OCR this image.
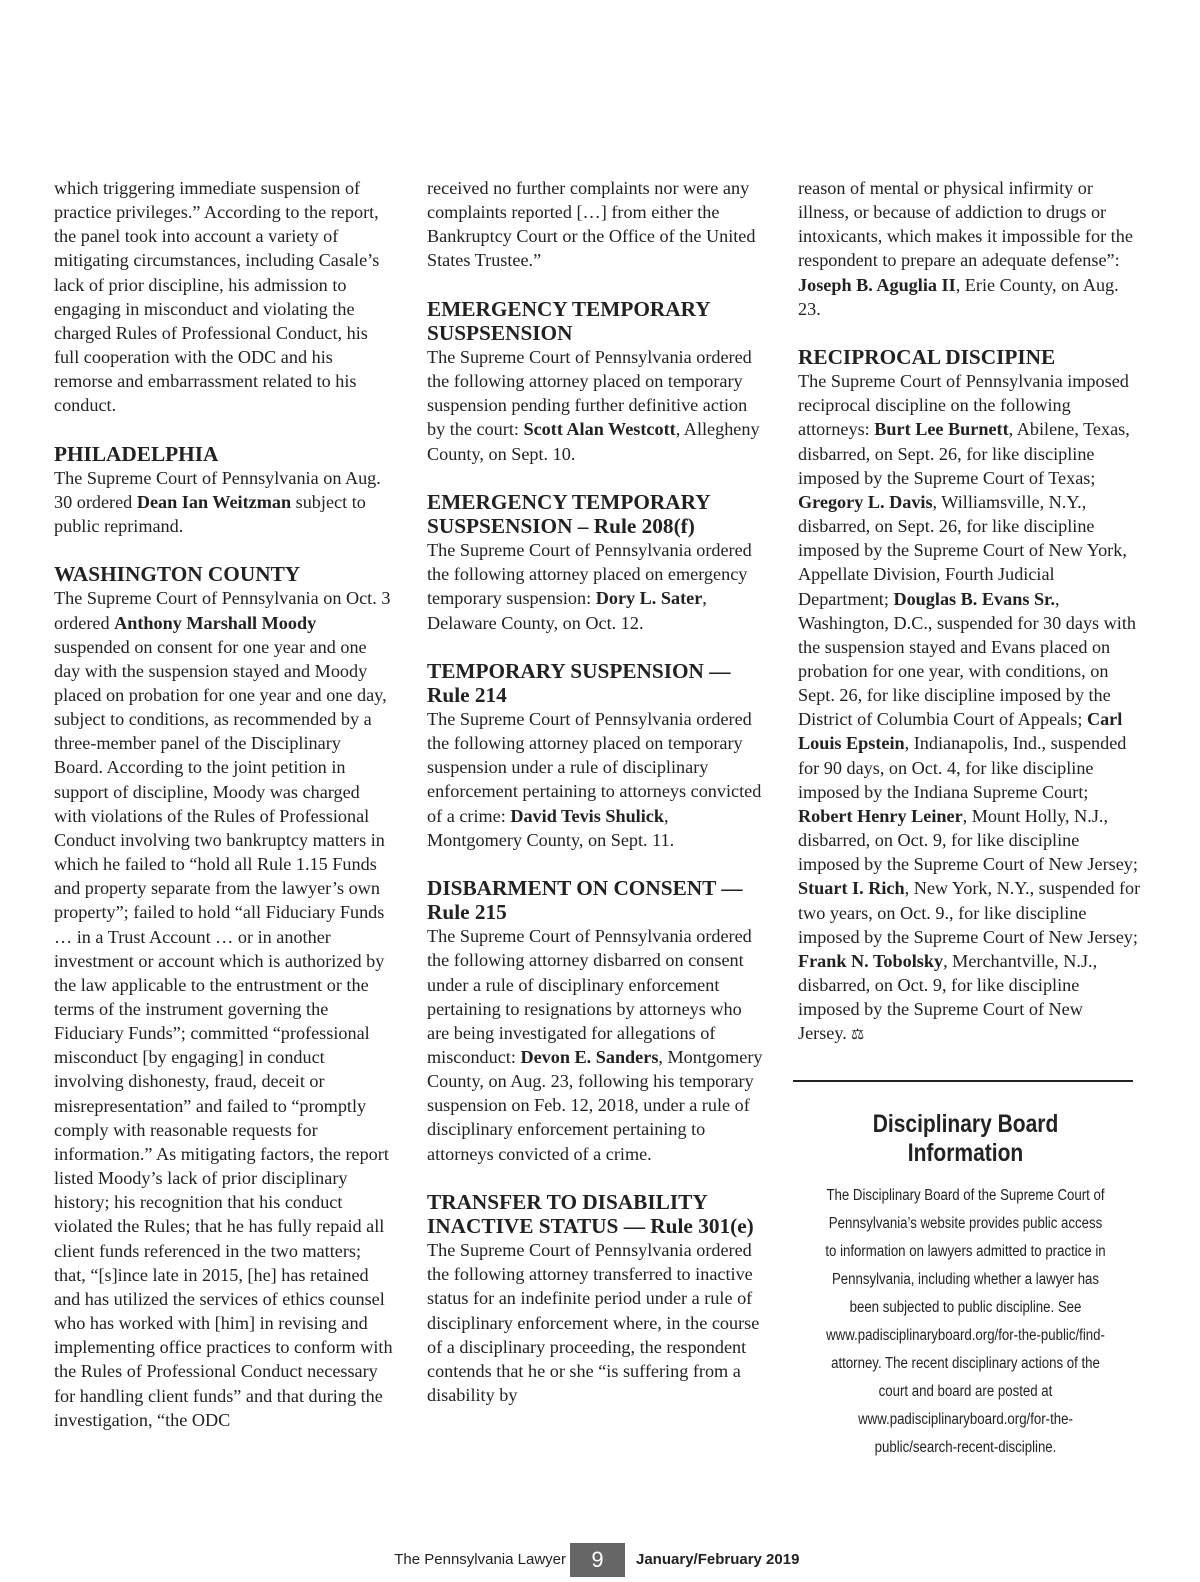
which triggering immediate suspension of practice privileges.” According to the report, the panel took into account a variety of mitigating circumstances, including Casale’s lack of prior discipline, his admission to engaging in misconduct and violating the charged Rules of Professional Conduct, his full cooperation with the ODC and his remorse and embarrassment related to his conduct.

PHILADELPHIA

The Supreme Court of Pennsylvania on Aug. 30 ordered Dean Ian Weitzman subject to public reprimand.

WASHINGTON COUNTY

The Supreme Court of Pennsylvania on Oct. 3 ordered Anthony Marshall Moody suspended on consent for one year and one day with the suspension stayed and Moody placed on probation for one year and one day, subject to conditions, as recommended by a three-member panel of the Disciplinary Board. According to the joint petition in support of discipline, Moody was charged with violations of the Rules of Professional Conduct involving two bankruptcy matters in which he failed to “hold all Rule 1.15 Funds and property separate from the lawyer’s own property”; failed to hold “all Fiduciary Funds … in a Trust Account … or in another investment or account which is authorized by the law applicable to the entrustment or the terms of the instrument governing the Fiduciary Funds”; committed “professional misconduct [by engaging] in conduct involving dishonesty, fraud, deceit or misrepresentation” and failed to “promptly comply with reasonable requests for information.” As mitigating factors, the report listed Moody’s lack of prior disciplinary history; his recognition that his conduct violated the Rules; that he has fully repaid all client funds referenced in the two matters; that, “[s]ince late in 2015, [he] has retained and has utilized the services of ethics counsel who has worked with [him] in revising and implementing office practices to conform with the Rules of Professional Conduct necessary for handling client funds” and that during the investigation, “the ODC

received no further complaints nor were any complaints reported […] from either the Bankruptcy Court or the Office of the United States Trustee.”

EMERGENCY TEMPORARY SUSPSENSION

The Supreme Court of Pennsylvania ordered the following attorney placed on temporary suspension pending further definitive action by the court: Scott Alan Westcott, Allegheny County, on Sept. 10.

EMERGENCY TEMPORARY SUSPSENSION – Rule 208(f)

The Supreme Court of Pennsylvania ordered the following attorney placed on emergency temporary suspension: Dory L. Sater, Delaware County, on Oct. 12.

TEMPORARY SUSPENSION — Rule 214

The Supreme Court of Pennsylvania ordered the following attorney placed on temporary suspension under a rule of disciplinary enforcement pertaining to attorneys convicted of a crime: David Tevis Shulick, Montgomery County, on Sept. 11.

DISBARMENT ON CONSENT — Rule 215

The Supreme Court of Pennsylvania ordered the following attorney disbarred on consent under a rule of disciplinary enforcement pertaining to resignations by attorneys who are being investigated for allegations of misconduct: Devon E. Sanders, Montgomery County, on Aug. 23, following his temporary suspension on Feb. 12, 2018, under a rule of disciplinary enforcement pertaining to attorneys convicted of a crime.

TRANSFER TO DISABILITY INACTIVE STATUS — Rule 301(e)

The Supreme Court of Pennsylvania ordered the following attorney transferred to inactive status for an indefinite period under a rule of disciplinary enforcement where, in the course of a disciplinary proceeding, the respondent contends that he or she “is suffering from a disability by

reason of mental or physical infirmity or illness, or because of addiction to drugs or intoxicants, which makes it impossible for the respondent to prepare an adequate defense”: Joseph B. Aguglia II, Erie County, on Aug. 23.

RECIPROCAL DISCIPINE

The Supreme Court of Pennsylvania imposed reciprocal discipline on the following attorneys: Burt Lee Burnett, Abilene, Texas, disbarred, on Sept. 26, for like discipline imposed by the Supreme Court of Texas; Gregory L. Davis, Williamsville, N.Y., disbarred, on Sept. 26, for like discipline imposed by the Supreme Court of New York, Appellate Division, Fourth Judicial Department; Douglas B. Evans Sr., Washington, D.C., suspended for 30 days with the suspension stayed and Evans placed on probation for one year, with conditions, on Sept. 26, for like discipline imposed by the District of Columbia Court of Appeals; Carl Louis Epstein, Indianapolis, Ind., suspended for 90 days, on Oct. 4, for like discipline imposed by the Indiana Supreme Court; Robert Henry Leiner, Mount Holly, N.J., disbarred, on Oct. 9, for like discipline imposed by the Supreme Court of New Jersey; Stuart I. Rich, New York, N.Y., suspended for two years, on Oct. 9., for like discipline imposed by the Supreme Court of New Jersey; Frank N. Tobolsky, Merchantville, N.J., disbarred, on Oct. 9, for like discipline imposed by the Supreme Court of New Jersey. ⚖

Disciplinary Board Information

The Disciplinary Board of the Supreme Court of Pennsylvania’s website provides public access to information on lawyers admitted to practice in Pennsylvania, including whether a lawyer has been subjected to public discipline. See www.padisciplinaryboard.org/for-the-public/find-attorney. The recent disciplinary actions of the court and board are posted at www.padisciplinaryboard.org/for-the-public/search-recent-discipline.

The Pennsylvania Lawyer	9	January/February 2019
